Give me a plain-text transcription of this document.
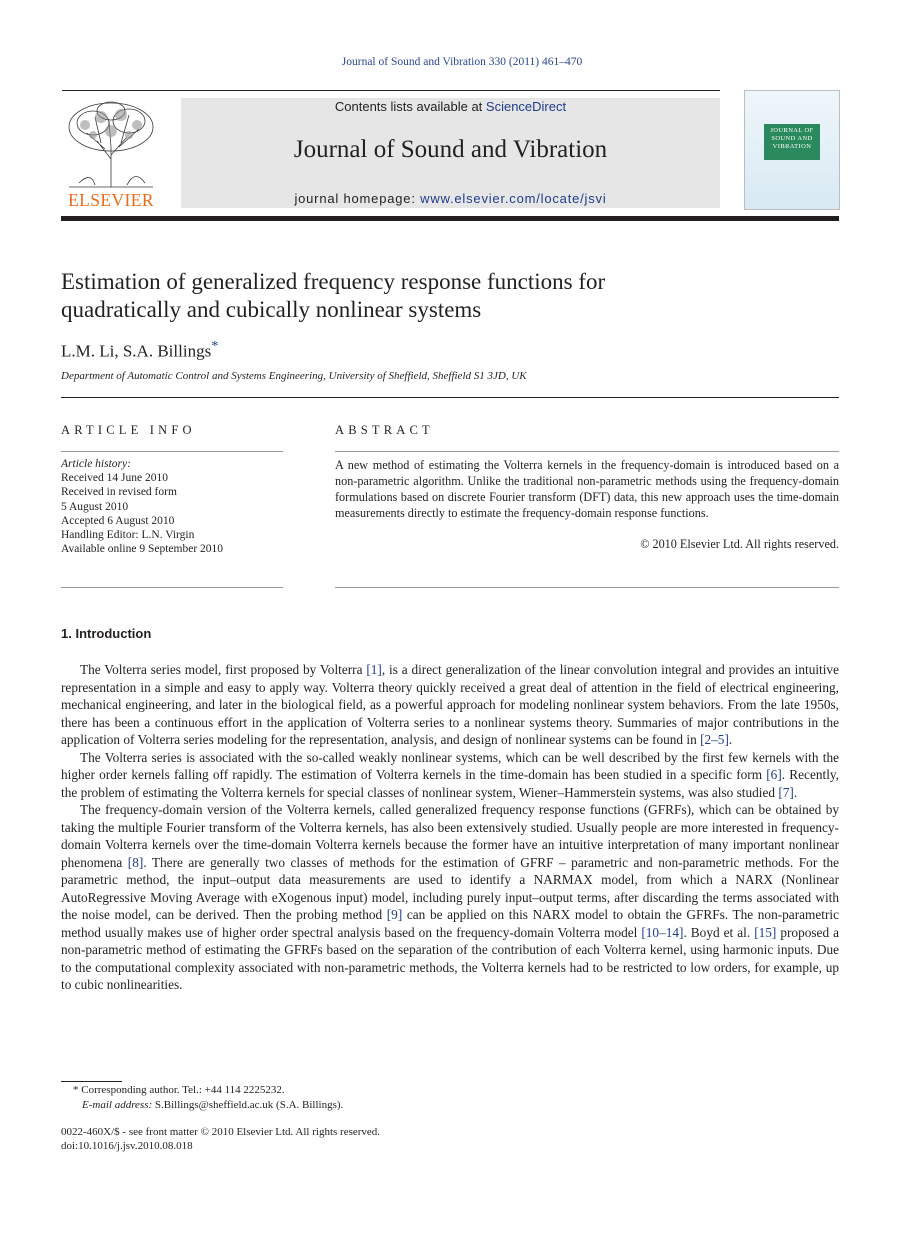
Journal of Sound and Vibration 330 (2011) 461–470
ELSEVIER
Contents lists available at ScienceDirect
Journal of Sound and Vibration
journal homepage: www.elsevier.com/locate/jsvi
JOURNAL OF SOUND AND VIBRATION
Estimation of generalized frequency response functions for
quadratically and cubically nonlinear systems
L.M. Li, S.A. Billings*
Department of Automatic Control and Systems Engineering, University of Sheffield, Sheffield S1 3JD, UK
ARTICLE INFO	ABSTRACT
Article history:
Received 14 June 2010
Received in revised form
5 August 2010
Accepted 6 August 2010
Handling Editor: L.N. Virgin
Available online 9 September 2010
A new method of estimating the Volterra kernels in the frequency-domain is introduced based on a non-parametric algorithm. Unlike the traditional non-parametric methods using the frequency-domain formulations based on discrete Fourier transform (DFT) data, this new approach uses the time-domain measurements directly to estimate the frequency-domain response functions.
© 2010 Elsevier Ltd. All rights reserved.
1. Introduction

The Volterra series model, first proposed by Volterra [1], is a direct generalization of the linear convolution integral and provides an intuitive representation in a simple and easy to apply way. Volterra theory quickly received a great deal of attention in the field of electrical engineering, mechanical engineering, and later in the biological field, as a powerful approach for modeling nonlinear system behaviors. From the late 1950s, there has been a continuous effort in the application of Volterra series to a nonlinear systems theory. Summaries of major contributions in the application of Volterra series modeling for the representation, analysis, and design of nonlinear systems can be found in [2–5].

The Volterra series is associated with the so-called weakly nonlinear systems, which can be well described by the first few kernels with the higher order kernels falling off rapidly. The estimation of Volterra kernels in the time-domain has been studied in a specific form [6]. Recently, the problem of estimating the Volterra kernels for special classes of nonlinear system, Wiener–Hammerstein systems, was also studied [7].

The frequency-domain version of the Volterra kernels, called generalized frequency response functions (GFRFs), which can be obtained by taking the multiple Fourier transform of the Volterra kernels, has also been extensively studied. Usually people are more interested in frequency-domain Volterra kernels over the time-domain Volterra kernels because the former have an intuitive interpretation of many important nonlinear phenomena [8]. There are generally two classes of methods for the estimation of GFRF – parametric and non-parametric methods. For the parametric method, the input–output data measurements are used to identify a NARMAX model, from which a NARX (Nonlinear AutoRegressive Moving Average with eXogenous input) model, including purely input–output terms, after discarding the terms associated with the noise model, can be derived. Then the probing method [9] can be applied on this NARX model to obtain the GFRFs. The non-parametric method usually makes use of higher order spectral analysis based on the frequency-domain Volterra model [10–14]. Boyd et al. [15] proposed a non-parametric method of estimating the GFRFs based on the separation of the contribution of each Volterra kernel, using harmonic inputs. Due to the computational complexity associated with non-parametric methods, the Volterra kernels had to be restricted to low orders, for example, up to cubic nonlinearities.

* Corresponding author. Tel.: +44 114 2225232.
E-mail address: S.Billings@sheffield.ac.uk (S.A. Billings).
0022-460X/$ - see front matter © 2010 Elsevier Ltd. All rights reserved.
doi:10.1016/j.jsv.2010.08.018
